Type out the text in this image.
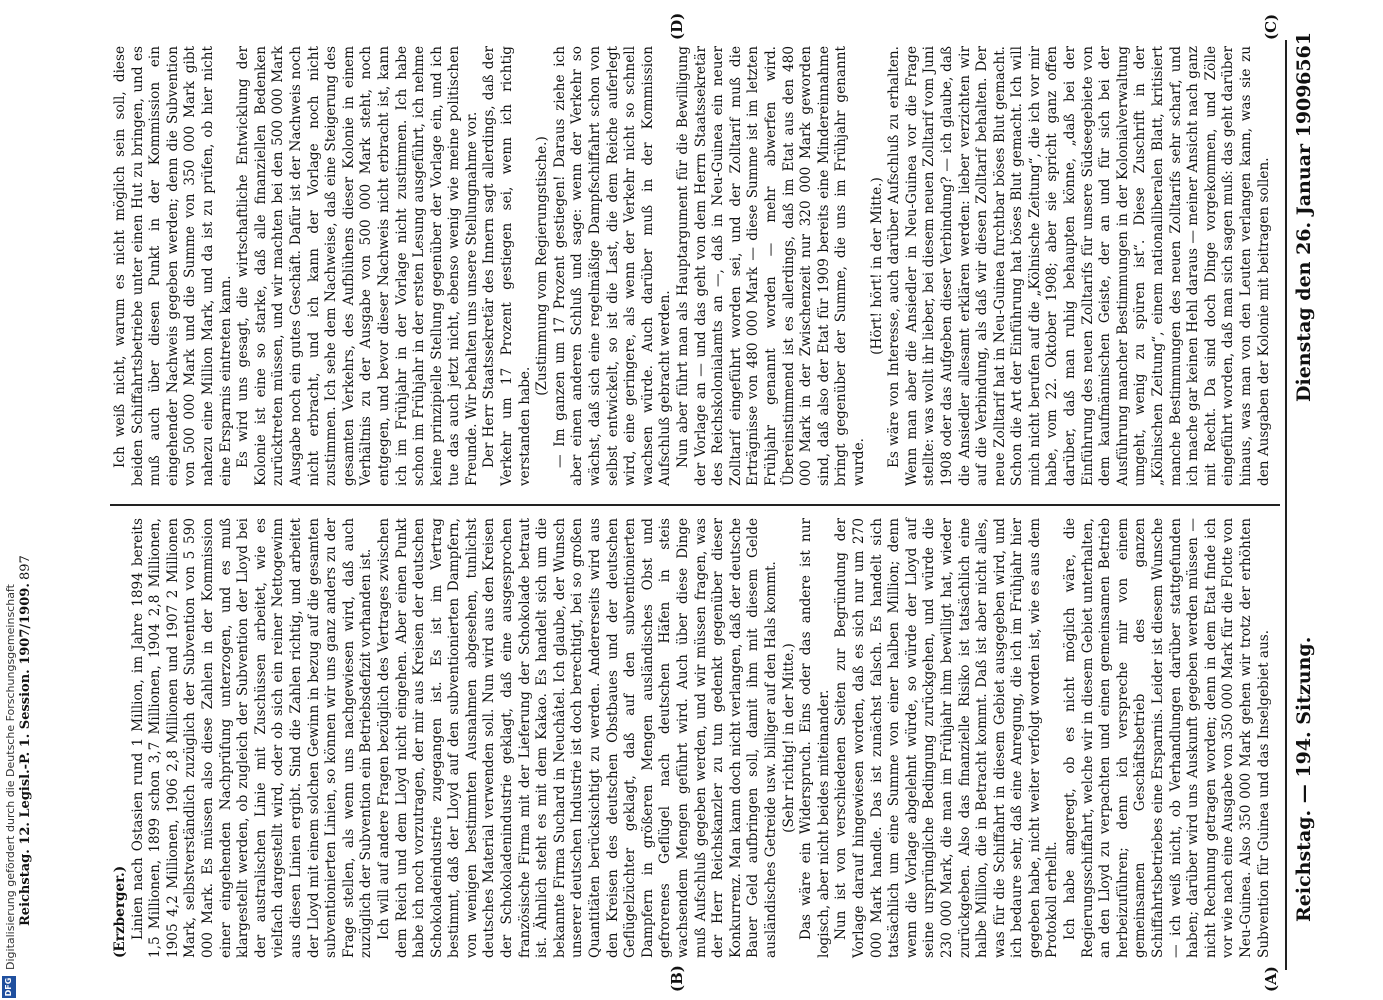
DFG
Digitalisierung gefördert durch die Deutsche Forschungsgemeinschaft	(Erzberger.) Linien nach Ostasien rund 1 Million, im Jahre 1894 bereits 1,5 Millionen, 1899 schon 3,7 Millionen, 1904 2,8 Millionen, 1905 4,2 Millionen, 1906 2,8 Millionen und 1907 2 Millionen Mark, selbstverständlich zuzüglich der Subvention von 5 590 000 Mark. Es müssen also diese Zahlen in der Kommission einer eingehenden Nachprüfung unterzogen, und es muß klargestellt werden, ob zugleich der Subvention der Lloyd bei der australischen Linie mit Zuschüssen arbeitet, wie es vielfach dargestellt wird, oder ob sich ein reiner Nettogewinn aus diesen Linien ergibt. Sind die Zahlen richtig, und arbeitet der Lloyd mit einem solchen Gewinn in bezug auf die gesamten subventionierten Linien, so können wir uns ganz anders zu der Frage stellen, als wenn uns nachgewiesen wird, daß auch zuzüglich der Subvention ein Betriebsdefizit vorhanden ist. Ich will auf andere Fragen bezüglich des Vertrages zwischen dem Reich und dem Lloyd nicht eingehen. Aber einen Punkt habe ich noch vorzutragen, der mir aus Kreisen der deutschen Schokoladeindustrie zugegangen ist. Es ist im Vertrag bestimmt, daß der Lloyd auf den subventionierten Dampfern, von wenigen bestimmten Ausnahmen abgesehen, tunlichst deutsches Material verwenden soll. Nun wird aus den Kreisen der Schokoladenindustrie geklagt, daß eine ausgesprochen französische Firma mit der Lieferung der Schokolade betraut ist. Ähnlich steht es mit dem Kakao. Es handelt sich um die bekannte Firma Suchard in Neuchâtel. Ich glaube, der Wunsch unserer deutschen Industrie ist doch berechtigt, bei so großen Quantitäten berücksichtigt zu werden. Andererseits wird aus den Kreisen des deutschen Obstbaues und der deutschen Geflügelzüchter geklagt, daß auf den subventionierten Dampfern in größeren Mengen ausländisches Obst und gefrorenes Geflügel nach deutschen Häfen in steis wachsendem Mengen geführt wird. Auch über diese Dinge muß Aufschluß gegeben werden, und wir müssen fragen, was der Herr Reichskanzler zu tun gedenkt gegenüber dieser Konkurrenz. Man kann doch nicht verlangen, daß der deutsche Bauer Geld aufbringen soll, damit ihm mit diesem Gelde ausländisches Getreide usw. billiger auf den Hals kommt. (Sehr richtig! in der Mitte.) Das wäre ein Widerspruch. Eins oder das andere ist nur logisch, aber nicht beides miteinander. Nun ist von verschiedenen Seiten zur Begründung der Vorlage darauf hingewiesen worden, daß es sich nur um 270 000 Mark handle. Das ist zunächst falsch. Es handelt sich tatsächlich um eine Summe von einer halben Million; denn wenn die Vorlage abgelehnt würde, so würde der Lloyd auf seine ursprüngliche Bedingung zurückgehen, und würde die 230 000 Mark, die man im Frühjahr ihm bewilligt hat, wieder zurückgeben. Also das finanzielle Risiko ist tatsächlich eine halbe Million, die in Betracht kommt. Daß ist aber nicht alles, was für die Schiffahrt in diesem Gebiet ausgegeben wird, und ich bedaure sehr, daß eine Anregung, die ich im Frühjahr hier gegeben habe, nicht weiter verfolgt worden ist, wie es aus dem Protokoll erhellt. Ich habe angeregt, ob es nicht möglich wäre, die Regierungsschiffahrt, welche wir in diesem Gebiet unterhalten, an den Lloyd zu verpachten und einen gemeinsamen Betrieb herbeizuführen; denn ich verspreche mir von einem gemeinsamen Geschäftsbetrieb des ganzen Schiffahrtsbetriebes eine Ersparnis. Leider ist diesem Wunsche — ich weiß nicht, ob Verhandlungen darüber stattgefunden haben; darüber wird uns Auskunft gegeben werden müssen — nicht Rechnung getragen worden; denn in dem Etat finde ich vor wie nach eine Ausgabe von 350 000 Mark für die Flotte von Neu-Guinea. Also 350 000 Mark gehen wir trotz der erhöhten Subvention für Guinea und das Inselgebiet aus.

Ich weiß nicht, warum es nicht möglich sein soll, diese beiden Schiffahrtsbetriebe unter einen Hut zu bringen, und es muß auch über diesen Punkt in der Kommission ein eingehender Nachweis gegeben werden; denn die Subvention von 500 000 Mark und die Summe von 350 000 Mark gibt nahezu eine Million Mark, und da ist zu prüfen, ob hier nicht eine Ersparnis eintreten kann. Es wird uns gesagt, die wirtschaftliche Entwicklung der Kolonie ist eine so starke, daß alle finanziellen Bedenken zurücktreten müssen, und wir machten bei den 500 000 Mark Ausgabe noch ein gutes Geschäft. Dafür ist der Nachweis noch nicht erbracht, und ich kann der Vorlage noch nicht zustimmen. Ich sehe dem Nachweise, daß eine Steigerung des gesamten Verkehrs, des Aufblühens dieser Kolonie in einem Verhältnis zu der Ausgabe von 500 000 Mark steht, noch entgegen, und bevor dieser Nachweis nicht erbracht ist, kann ich im Frühjahr in der Vorlage nicht zustimmen. Ich habe schon im Frühjahr in der ersten Lesung ausgeführt, ich nehme keine prinzipielle Stellung gegenüber der Vorlage ein, und ich tue das auch jetzt nicht, ebenso wenig wie meine politischen Freunde. Wir behalten uns unsere Stellungnahme vor. Der Herr Staatssekretär des Innern sagt allerdings, daß der Verkehr um 17 Prozent gestiegen sei, wenn ich richtig verstanden habe.

(Zustimmung vom Regierungstische.) — Im ganzen um 17 Prozent gestiegen! Daraus ziehe ich aber einen anderen Schluß und sage: wenn der Verkehr so wächst, daß sich eine regelmäßige Dampfschiffahrt schon von selbst entwickelt, so ist die Last, die dem Reiche auferlegt wird, eine geringere, als wenn der Verkehr nicht so schnell wachsen würde. Auch darüber muß in der Kommission Aufschluß gebracht werden. Nun aber führt man als Hauptargument für die Bewilligung der Vorlage an — und das geht von dem Herrn Staatssekretär des Reichskolonialamts an —, daß in Neu-Guinea ein neuer Zolltarif eingeführt worden sei, und der Zolltarif muß die Erträgnisse von 480 000 Mark — diese Summe ist im letzten Frühjahr genannt worden — mehr abwerfen wird. Übereinstimmend ist es allerdings, daß im Etat aus den 480 000 Mark in der Zwischenzeit nur 320 000 Mark geworden sind, daß also der Etat für 1909 bereits eine Mindereinnahme bringt gegenüber der Summe, die uns im Frühjahr genannt wurde.

(Hört! hört! in der Mitte.) Es wäre von Interesse, auch darüber Aufschluß zu erhalten. Wenn man aber die Ansiedler in Neu-Guinea vor die Frage stellte: was wollt ihr lieber, bei diesem neuen Zolltarif vom Juni 1908 oder das Aufgeben dieser Verbindung? — ich glaube, daß die Ansiedler allesamt erklären werden: lieber verzichten wir auf die Verbindung, als daß wir diesen Zolltarif behalten. Der neue Zolltarif hat in Neu-Guinea furchtbar böses Blut gemacht. Schon die Art der Einführung hat böses Blut gemacht. Ich will mich nicht berufen auf die „Kölnische Zeitung“, die ich vor mir habe, vom 22. Oktober 1908; aber sie spricht ganz offen darüber, daß man ruhig behaupten könne, „daß bei der Einführung des neuen Zolltarifs für unsere Südseegebiete von dem kaufmännischen Geiste, der an und für sich bei der Ausführung mancher Bestimmungen in der Kolonialverwaltung umgeht, wenig zu spüren ist“. Diese Zuschrift in der „Kölnischen Zeitung“, einem nationalliberalen Blatt, kritisiert manche Bestimmungen des neuen Zolltarifs sehr scharf, und ich mache gar keinen Hehl daraus — meiner Ansicht nach ganz mit Recht. Da sind doch Dinge vorgekommen, und Zölle eingeführt worden, daß man sich sagen muß: das geht darüber hinaus, was man von den Leuten verlangen kann, was sie zu den Ausgaben der Kolonie mit beitragen sollen.

(A)
(B)
(C)
(D)
Reichstag. — 194. Sitzung.
Dienstag den 26. Januar 1909.
6561
Reichstag. 12. Legisl.-P. 1. Session. 1907/1909.
897
